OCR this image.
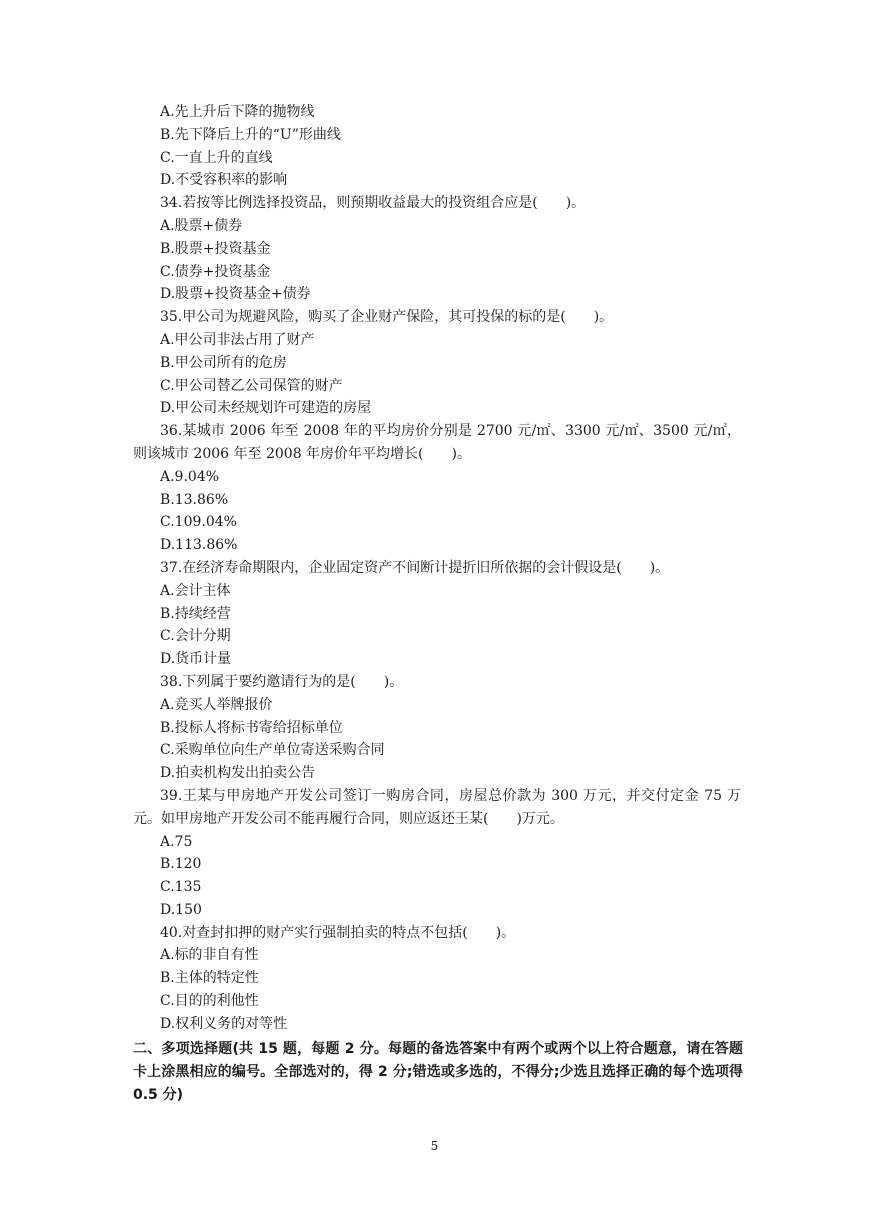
A.先上升后下降的抛物线
B.先下降后上升的“U”形曲线
C.一直上升的直线
D.不受容积率的影响
34.若按等比例选择投资品，则预期收益最大的投资组合应是(　　)。
A.股票+债券
B.股票+投资基金
C.债券+投资基金
D.股票+投资基金+债券
35.甲公司为规避风险，购买了企业财产保险，其可投保的标的是(　　)。
A.甲公司非法占用了财产
B.甲公司所有的危房
C.甲公司替乙公司保管的财产
D.甲公司未经规划许可建造的房屋
36.某城市 2006 年至 2008 年的平均房价分别是 2700 元/㎡、3300 元/㎡、3500 元/㎡，则该城市 2006 年至 2008 年房价年平均增长(　　)。
A.9.04%
B.13.86%
C.109.04%
D.113.86%
37.在经济寿命期限内，企业固定资产不间断计提折旧所依据的会计假设是(　　)。
A.会计主体
B.持续经营
C.会计分期
D.货币计量
38.下列属于要约邀请行为的是(　　)。
A.竞买人举牌报价
B.投标人将标书寄给招标单位
C.采购单位向生产单位寄送采购合同
D.拍卖机构发出拍卖公告
39.王某与甲房地产开发公司签订一购房合同，房屋总价款为 300 万元，并交付定金 75 万元。如甲房地产开发公司不能再履行合同，则应返还王某(　　)万元。
A.75
B.120
C.135
D.150
40.对查封扣押的财产实行强制拍卖的特点不包括(　　)。
A.标的非自有性
B.主体的特定性
C.目的的利他性
D.权利义务的对等性
二、多项选择题(共 15 题，每题 2 分。每题的备选答案中有两个或两个以上符合题意，请在答题卡上涂黑相应的编号。全部选对的，得 2 分;错选或多选的，不得分;少选且选择正确的每个选项得 0.5 分)
5
